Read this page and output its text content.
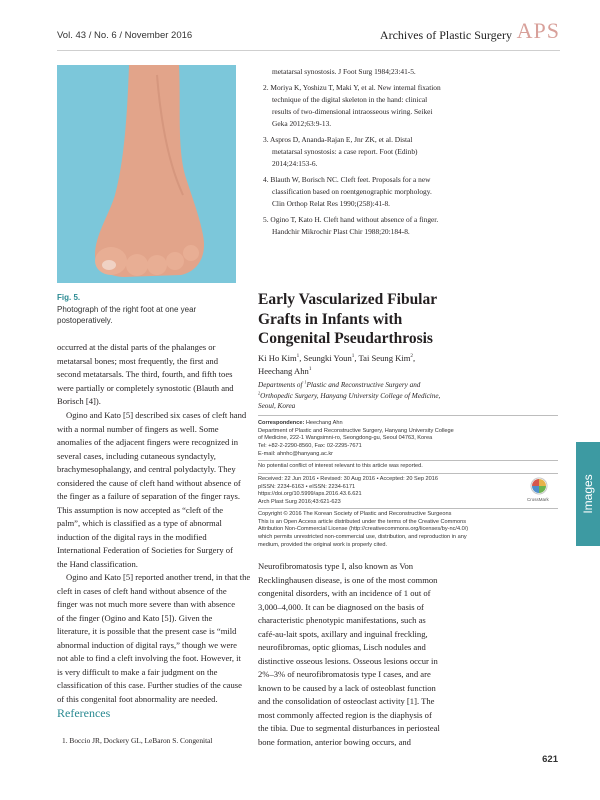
Vol. 43 / No. 6 / November 2016	Archives of Plastic Surgery APS
Fig. 5.
Photograph of the right foot at one year
postoperatively.
occurred at the distal parts of the phalanges or
metatarsal bones; most frequently, the first and
second metatarsals. The third, fourth, and fifth toes
were partially or completely synostotic (Blauth and
Borisch [4]).
Ogino and Kato [5] described six cases of cleft hand
with a normal number of fingers as well. Some
anomalies of the adjacent fingers were recognized in
several cases, including cutaneous syndactyly,
brachymesophalangy, and central polydactyly. They
considered the cause of cleft hand without absence of
the finger as a failure of separation of the finger rays.
This assumption is now accepted as “cleft of the
palm”, which is classified as a type of abnormal
induction of the digital rays in the modified
International Federation of Societies for Surgery of
the Hand classification.
Ogino and Kato [5] reported another trend, in that the
cleft in cases of cleft hand without absence of the
finger was not much more severe than with absence
of the finger (Ogino and Kato [5]). Given the
literature, it is possible that the present case is “mild
abnormal induction of digital rays,” though we were
not able to find a cleft involving the foot. However, it
is very difficult to make a fair judgment on the
classification of this case. Further studies of the cause
of this congenital foot abnormality are needed.
References
1. Boccio JR, Dockery GL, LeBaron S. Congenital
metatarsal synostosis. J Foot Surg 1984;23:41-5.
2. Moriya K, Yoshizu T, Maki Y, et al. New internal fixation
technique of the digital skeleton in the hand: clinical
results of two-dimensional intraosseous wiring. Seikei
Geka 2012;63:9-13.
3. Aspros D, Ananda-Rajan E, Jnr ZK, et al. Distal
metatarsal synostosis: a case report. Foot (Edinb)
2014;24:153-6.
4. Blauth W, Borisch NC. Cleft feet. Proposals for a new
classification based on roentgenographic morphology.
Clin Orthop Relat Res 1990;(258):41-8.
5. Ogino T, Kato H. Cleft hand without absence of a finger.
Handchir Mikrochir Plast Chir 1988;20:184-8.
Early Vascularized Fibular
Grafts in Infants with
Congenital Pseudarthrosis
Ki Ho Kim$^1$, Seungki Youn$^1$, Tai Seung Kim$^2$,
Heechang Ahn$^1$
Departments of $^1$Plastic and Reconstructive Surgery and
$^2$Orthopedic Surgery, Hanyang University College of Medicine,
Seoul, Korea
Correspondence: Heechang Ahn
Department of Plastic and Reconstructive Surgery, Hanyang University College
of Medicine, 222-1 Wangsimni-ro, Seongdong-gu, Seoul 04763, Korea
Tel: +82-2-2290-8560, Fax: 02-2295-7671
E-mail: ahnhc@hanyang.ac.kr
No potential conflict of interest relevant to this article was reported.
Received: 22 Jun 2016 • Revised: 30 Aug 2016 • Accepted: 20 Sep 2016
pISSN: 2234-6163 • eISSN: 2234-6171
https://doi.org/10.5999/aps.2016.43.6.621
Arch Plast Surg 2016;43:621-623	CrossMark
Copyright © 2016 The Korean Society of Plastic and Reconstructive Surgeons
This is an Open Access article distributed under the terms of the Creative Commons
Attribution Non-Commercial License (http://creativecommons.org/licenses/by-nc/4.0/)
which permits unrestricted non-commercial use, distribution, and reproduction in any
medium, provided the original work is properly cited.
Neurofibromatosis type I, also known as Von
Recklinghausen disease, is one of the most common
congenital disorders, with an incidence of 1 out of
3,000–4,000. It can be diagnosed on the basis of
characteristic phenotypic manifestations, such as
café-au-lait spots, axillary and inguinal freckling,
neurofibromas, optic gliomas, Lisch nodules and
distinctive osseous lesions. Osseous lesions occur in
2%–3% of neurofibromatosis type I cases, and are
known to be caused by a lack of osteoblast function
and the consolidation of osteoclast activity [1]. The
most commonly affected region is the diaphysis of
the tibia. Due to segmental disturbances in periosteal
bone formation, anterior bowing occurs, and
Images
621
